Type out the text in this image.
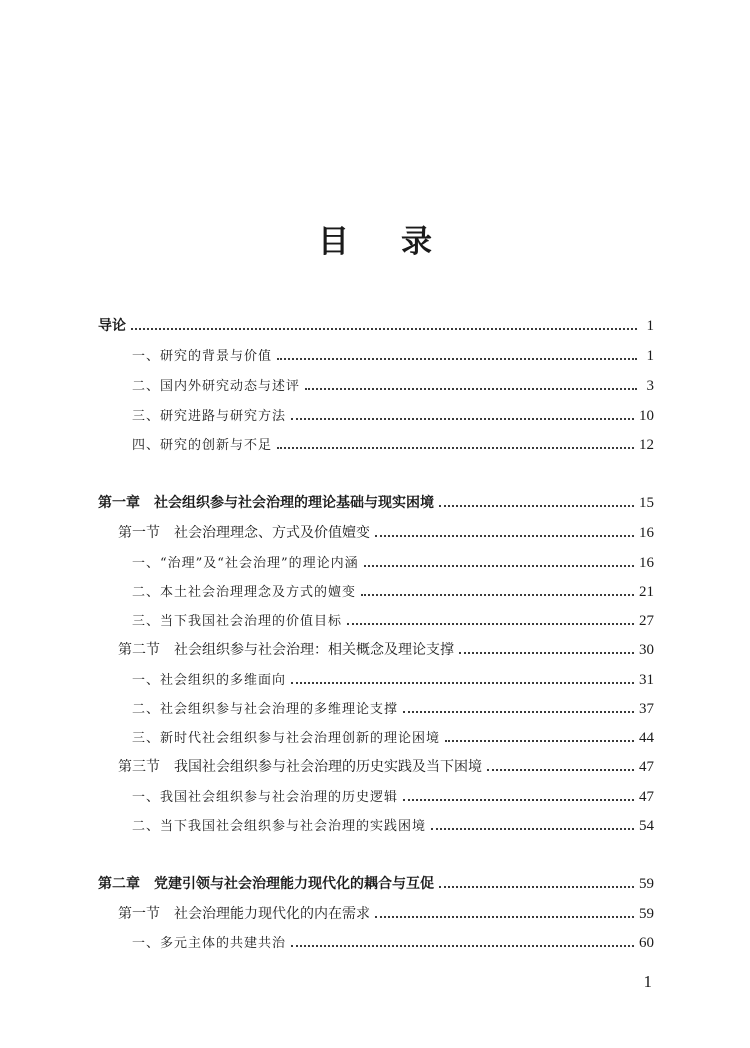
目录
导论	1
一、研究的背景与价值	1
二、国内外研究动态与述评	3
三、研究进路与研究方法	10
四、研究的创新与不足	12
第一章　社会组织参与社会治理的理论基础与现实困境	15
第一节　社会治理理念、方式及价值嬗变	16
一、“治理”及“社会治理”的理论内涵	16
二、本土社会治理理念及方式的嬗变	21
三、当下我国社会治理的价值目标	27
第二节　社会组织参与社会治理：相关概念及理论支撑	30
一、社会组织的多维面向	31
二、社会组织参与社会治理的多维理论支撑	37
三、新时代社会组织参与社会治理创新的理论困境	44
第三节　我国社会组织参与社会治理的历史实践及当下困境	47
一、我国社会组织参与社会治理的历史逻辑	47
二、当下我国社会组织参与社会治理的实践困境	54
第二章　党建引领与社会治理能力现代化的耦合与互促	59
第一节　社会治理能力现代化的内在需求	59
一、多元主体的共建共治	60
1
